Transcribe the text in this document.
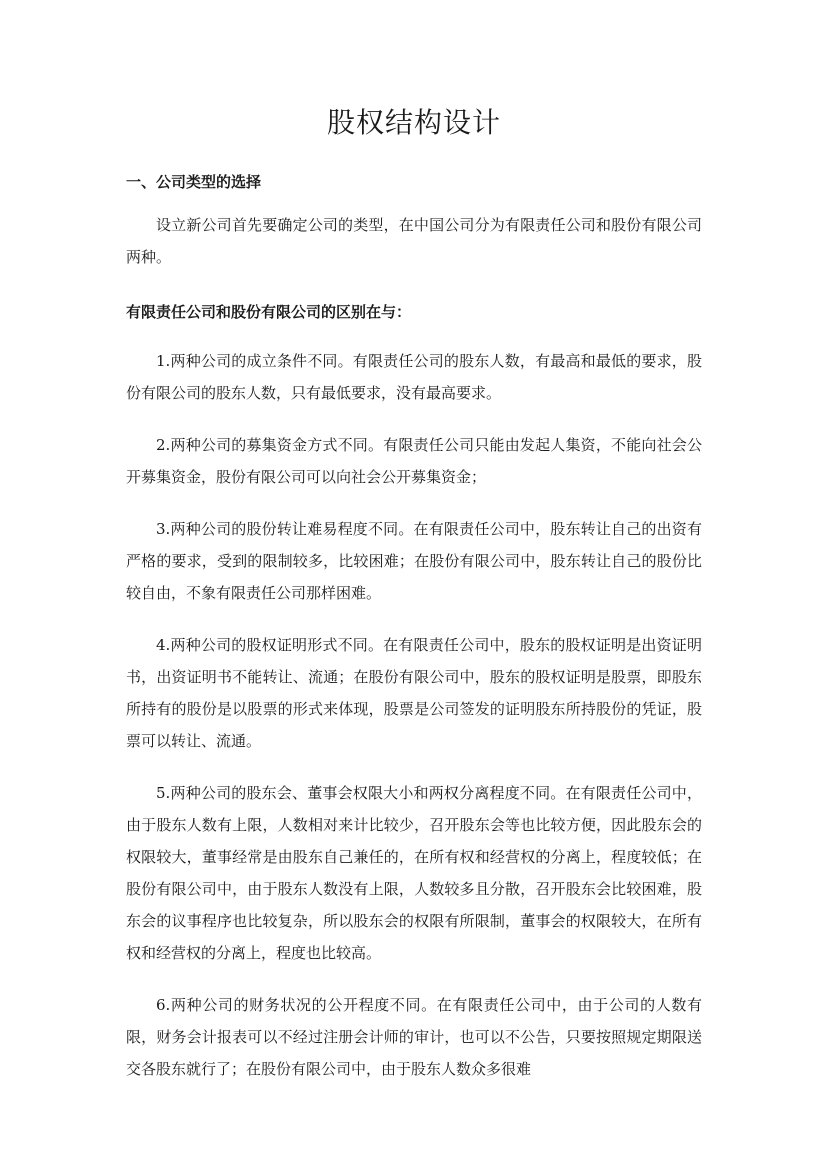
股权结构设计

一、公司类型的选择

设立新公司首先要确定公司的类型，在中国公司分为有限责任公司和股份有限公司两种。

有限责任公司和股份有限公司的区别在与：

1.两种公司的成立条件不同。有限责任公司的股东人数，有最高和最低的要求，股份有限公司的股东人数，只有最低要求，没有最高要求。

2.两种公司的募集资金方式不同。有限责任公司只能由发起人集资，不能向社会公开募集资金，股份有限公司可以向社会公开募集资金；

3.两种公司的股份转让难易程度不同。在有限责任公司中，股东转让自己的出资有严格的要求，受到的限制较多，比较困难；在股份有限公司中，股东转让自己的股份比较自由，不象有限责任公司那样困难。

4.两种公司的股权证明形式不同。在有限责任公司中，股东的股权证明是出资证明书，出资证明书不能转让、流通；在股份有限公司中，股东的股权证明是股票，即股东所持有的股份是以股票的形式来体现，股票是公司签发的证明股东所持股份的凭证，股票可以转让、流通。

5.两种公司的股东会、董事会权限大小和两权分离程度不同。在有限责任公司中，由于股东人数有上限，人数相对来计比较少，召开股东会等也比较方便，因此股东会的权限较大，董事经常是由股东自己兼任的，在所有权和经营权的分离上，程度较低；在股份有限公司中，由于股东人数没有上限，人数较多且分散，召开股东会比较困难，股东会的议事程序也比较复杂，所以股东会的权限有所限制，董事会的权限较大，在所有权和经营权的分离上，程度也比较高。

6.两种公司的财务状况的公开程度不同。在有限责任公司中，由于公司的人数有限，财务会计报表可以不经过注册会计师的审计，也可以不公告，只要按照规定期限送交各股东就行了；在股份有限公司中，由于股东人数众多很难
